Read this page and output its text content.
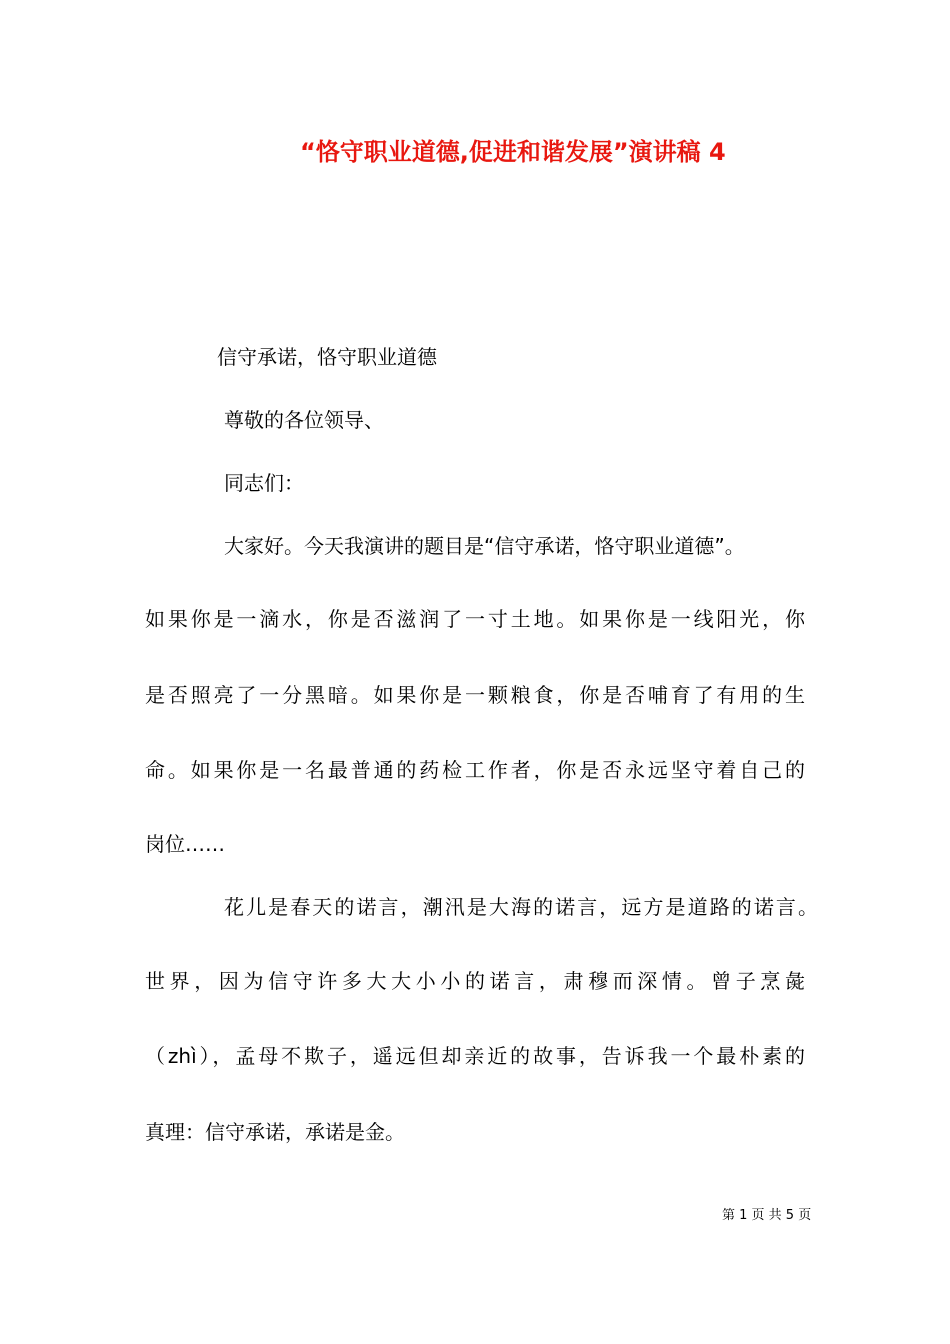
“恪守职业道德,促进和谐发展”演讲稿 4

信守承诺，恪守职业道德

尊敬的各位领导、

同志们：

大家好。今天我演讲的题目是“信守承诺，恪守职业道德”。

如果你是一滴水，你是否滋润了一寸土地。如果你是一线阳光，你

是否照亮了一分黑暗。如果你是一颗粮食，你是否哺育了有用的生

命。如果你是一名最普通的药检工作者，你是否永远坚守着自己的

岗位……

花儿是春天的诺言，潮汛是大海的诺言，远方是道路的诺言。

世界，因为信守许多大大小小的诺言，肃穆而深情。曾子烹彘

（zhì），孟母不欺子，遥远但却亲近的故事，告诉我一个最朴素的

真理：信守承诺，承诺是金。

第 1 页 共 5 页
